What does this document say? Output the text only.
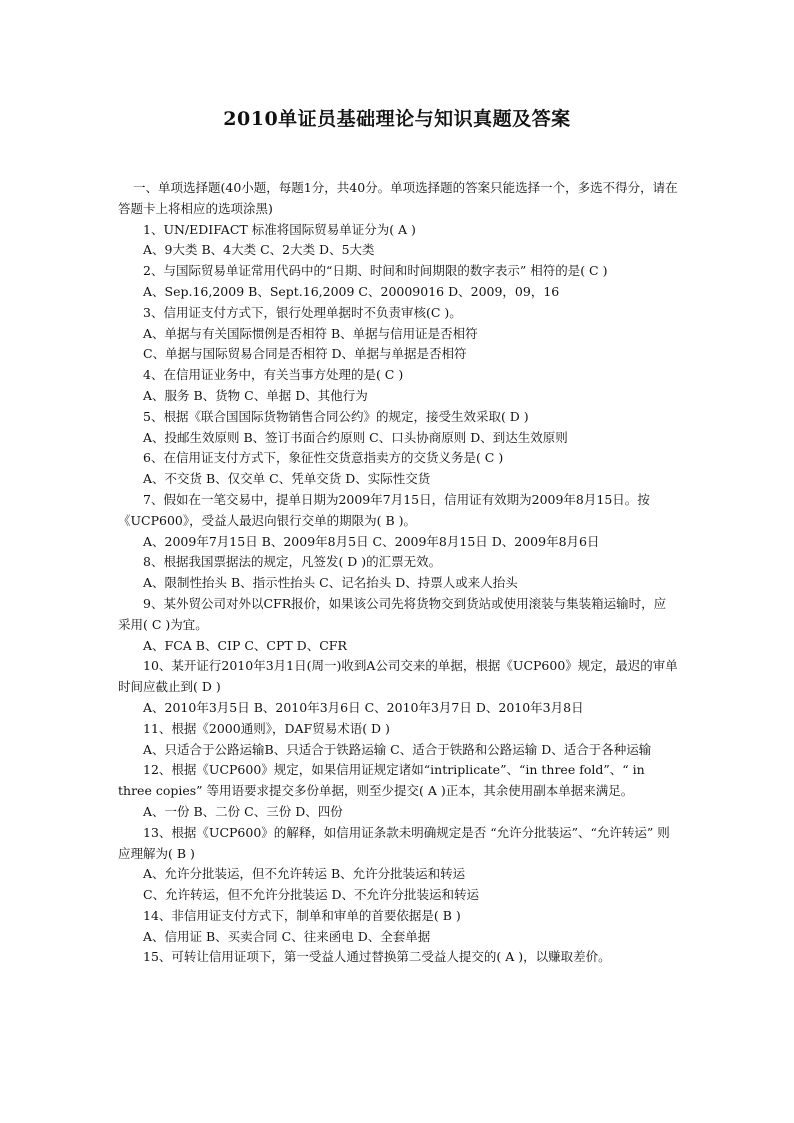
2010单证员基础理论与知识真题及答案

一、单项选择题(40小题，每题1分，共40分。单项选择题的答案只能选择一个，多选不得分，请在答题卡上将相应的选项涂黑)

1、UN/EDIFACT 标准将国际贸易单证分为( A )

A、9大类 B、4大类 C、2大类 D、5大类

2、与国际贸易单证常用代码中的“日期、时间和时间期限的数字表示” 相符的是( C )

A、Sep.16,2009 B、Sept.16,2009 C、20009016 D、2009，09，16

3、信用证支付方式下，银行处理单据时不负责审核(C )。

A、单据与有关国际惯例是否相符 B、单据与信用证是否相符

C、单据与国际贸易合同是否相符 D、单据与单据是否相符

4、在信用证业务中，有关当事方处理的是( C )

A、服务 B、货物 C、单据 D、其他行为

5、根据《联合国国际货物销售合同公约》的规定，接受生效采取( D )

A、投邮生效原则 B、签订书面合约原则 C、口头协商原则 D、到达生效原则

6、在信用证支付方式下，象征性交货意指卖方的交货义务是( C )

A、不交货 B、仅交单 C、凭单交货 D、实际性交货

7、假如在一笔交易中，提单日期为2009年7月15日，信用证有效期为2009年8月15日。按《UCP600》，受益人最迟向银行交单的期限为( B )。

A、2009年7月15日 B、2009年8月5日 C、2009年8月15日 D、2009年8月6日

8、根据我国票据法的规定，凡签发( D )的汇票无效。

A、限制性抬头 B、指示性抬头 C、记名抬头 D、持票人或来人抬头

9、某外贸公司对外以CFR报价，如果该公司先将货物交到货站或使用滚装与集装箱运输时，应采用( C )为宜。

A、FCA B、CIP C、CPT D、CFR

10、某开证行2010年3月1日(周一)收到A公司交来的单据，根据《UCP600》规定，最迟的审单时间应截止到( D )

A、2010年3月5日 B、2010年3月6日 C、2010年3月7日 D、2010年3月8日

11、根据《2000通则》，DAF贸易术语( D )

A、只适合于公路运输B、只适合于铁路运输 C、适合于铁路和公路运输 D、适合于各种运输

12、根据《UCP600》规定，如果信用证规定诸如“intriplicate”、“in three fold”、“ in three copies” 等用语要求提交多份单据，则至少提交( A )正本，其余使用副本单据来满足。

A、一份 B、二份 C、三份 D、四份

13、根据《UCP600》的解释，如信用证条款未明确规定是否 “允许分批装运”、“允许转运” 则应理解为( B )

A、允许分批装运，但不允许转运 B、允许分批装运和转运

C、允许转运，但不允许分批装运 D、不允许分批装运和转运

14、非信用证支付方式下，制单和审单的首要依据是( B )

A、信用证 B、买卖合同 C、往来函电 D、全套单据

15、可转让信用证项下，第一受益人通过替换第二受益人提交的( A )，以赚取差价。
